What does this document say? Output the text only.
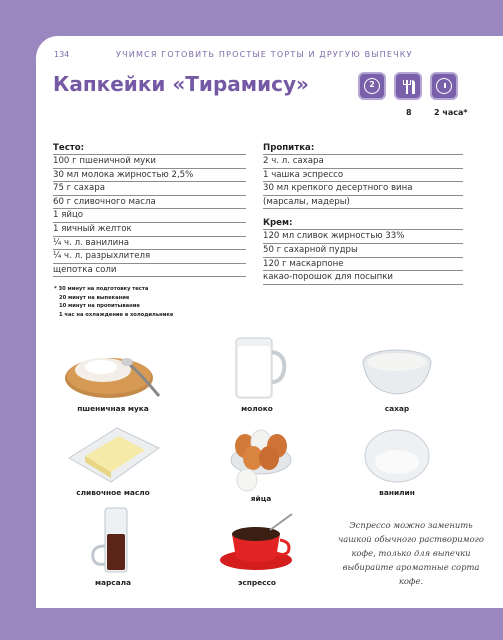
134	УЧИМСЯ ГОТОВИТЬ ПРОСТЫЕ ТОРТЫ И ДРУГУЮ ВЫПЕЧКУ
Капкейки «Тирамису»	2
8	2 часа*
Тесто:
100 г пшеничной муки
30 мл молока жирностью 2,5%
75 г сахара
60 г сливочного масла
1 яйцо
1 яичный желток
¼ ч. л. ванилина
¼ ч. л. разрыхлителя
щепотка соли
Пропитка:
2 ч. л. сахара
1 чашка эспрессо
30 мл крепкого десертного вина
(марсалы, мадеры)
Крем:
120 мл сливок жирностью 33%
50 г сахарной пудры
120 г маскарпоне
какао-порошок для посыпки
* 30 минут на подготовку теста
20 минут на выпекание
10 минут на пропитывание
1 час на охлаждение в холодильнике
пшеничная мука	молоко	сахар
сливочное масло
яйца
ванилин
марсала	эспрессо
Эспрессо можно заменить чашкой обычного растворимого кофе, только для выпечки выбирайте ароматные сорта кофе.
